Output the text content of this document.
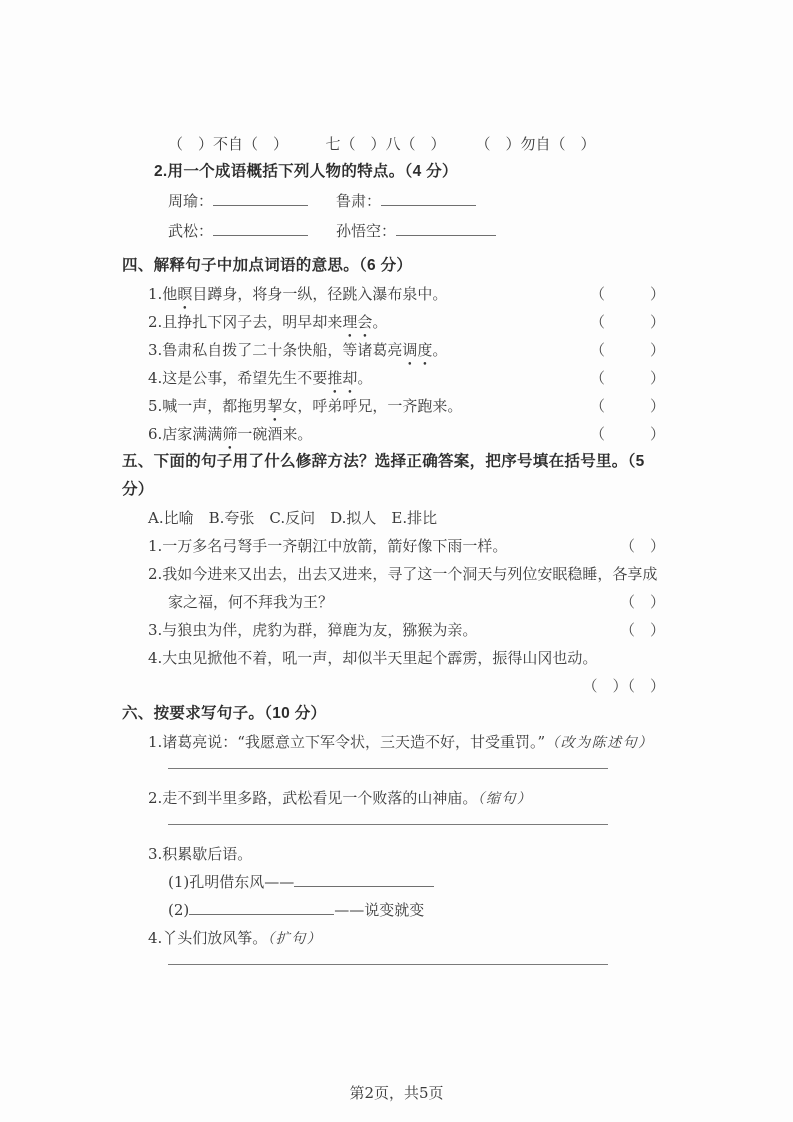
（　）不自（　）　　　七（　）八（　）　　　（　）勿自（　）
2.用一个成语概括下列人物的特点。（4 分）
周瑜：	鲁肃：
武松：	孙悟空：
四、解释句子中加点词语的意思。（6 分）
1.他瞑目蹲身，将身一纵，径跳入瀑布泉中。	（　　　）
2.且挣扎下冈子去，明早却来理会。	（　　　）
3.鲁肃私自拨了二十条快船，等诸葛亮调度。	（　　　）
4.这是公事，希望先生不要推却。	（　　　）
5.喊一声，都拖男挈女，呼弟呼兄，一齐跑来。	（　　　）
6.店家满满筛一碗酒来。	（　　　）
五、下面的句子用了什么修辞方法？选择正确答案，把序号填在括号里。（5 分）
A.比喻　B.夸张　C.反问　D.拟人　E.排比
1.一万多名弓弩手一齐朝江中放箭，箭好像下雨一样。	（　）
2.我如今进来又出去，出去又进来，寻了这一个洞天与列位安眠稳睡，各享成
家之福，何不拜我为王？	（　）
3.与狼虫为伴，虎豹为群，獐鹿为友，猕猴为亲。	（　）
4.大虫见掀他不着，吼一声，却似半天里起个霹雳，振得山冈也动。
（　）（　）
六、按要求写句子。（10 分）
1.诸葛亮说：“我愿意立下军令状，三天造不好，甘受重罚。”（改为陈述句）
2.走不到半里多路，武松看见一个败落的山神庙。（缩句）
3.积累歇后语。
(1)孔明借东风——
(2)	——说变就变
4.丫头们放风筝。（扩句）
第2页，共5页
